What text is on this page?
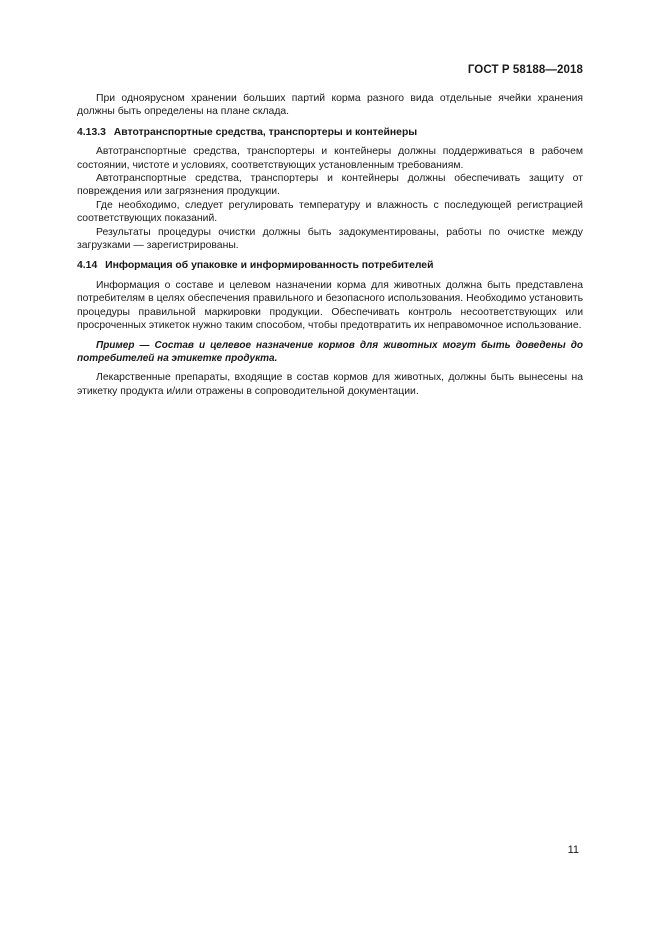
ГОСТ Р 58188—2018

При одноярусном хранении больших партий корма разного вида отдельные ячейки хранения должны быть определены на плане склада.

4.13.3 Автотранспортные средства, транспортеры и контейнеры

Автотранспортные средства, транспортеры и контейнеры должны поддерживаться в рабочем состоянии, чистоте и условиях, соответствующих установленным требованиям.

Автотранспортные средства, транспортеры и контейнеры должны обеспечивать защиту от повреждения или загрязнения продукции.

Где необходимо, следует регулировать температуру и влажность с последующей регистрацией соответствующих показаний.

Результаты процедуры очистки должны быть задокументированы, работы по очистке между загрузками — зарегистрированы.

4.14 Информация об упаковке и информированность потребителей

Информация о составе и целевом назначении корма для животных должна быть представлена потребителям в целях обеспечения правильного и безопасного использования. Необходимо установить процедуры правильной маркировки продукции. Обеспечивать контроль несоответствующих или просроченных этикеток нужно таким способом, чтобы предотвратить их неправомочное использование.

Пример — Состав и целевое назначение кормов для животных могут быть доведены до потребителей на этикетке продукта.

Лекарственные препараты, входящие в состав кормов для животных, должны быть вынесены на этикетку продукта и/или отражены в сопроводительной документации.

11
